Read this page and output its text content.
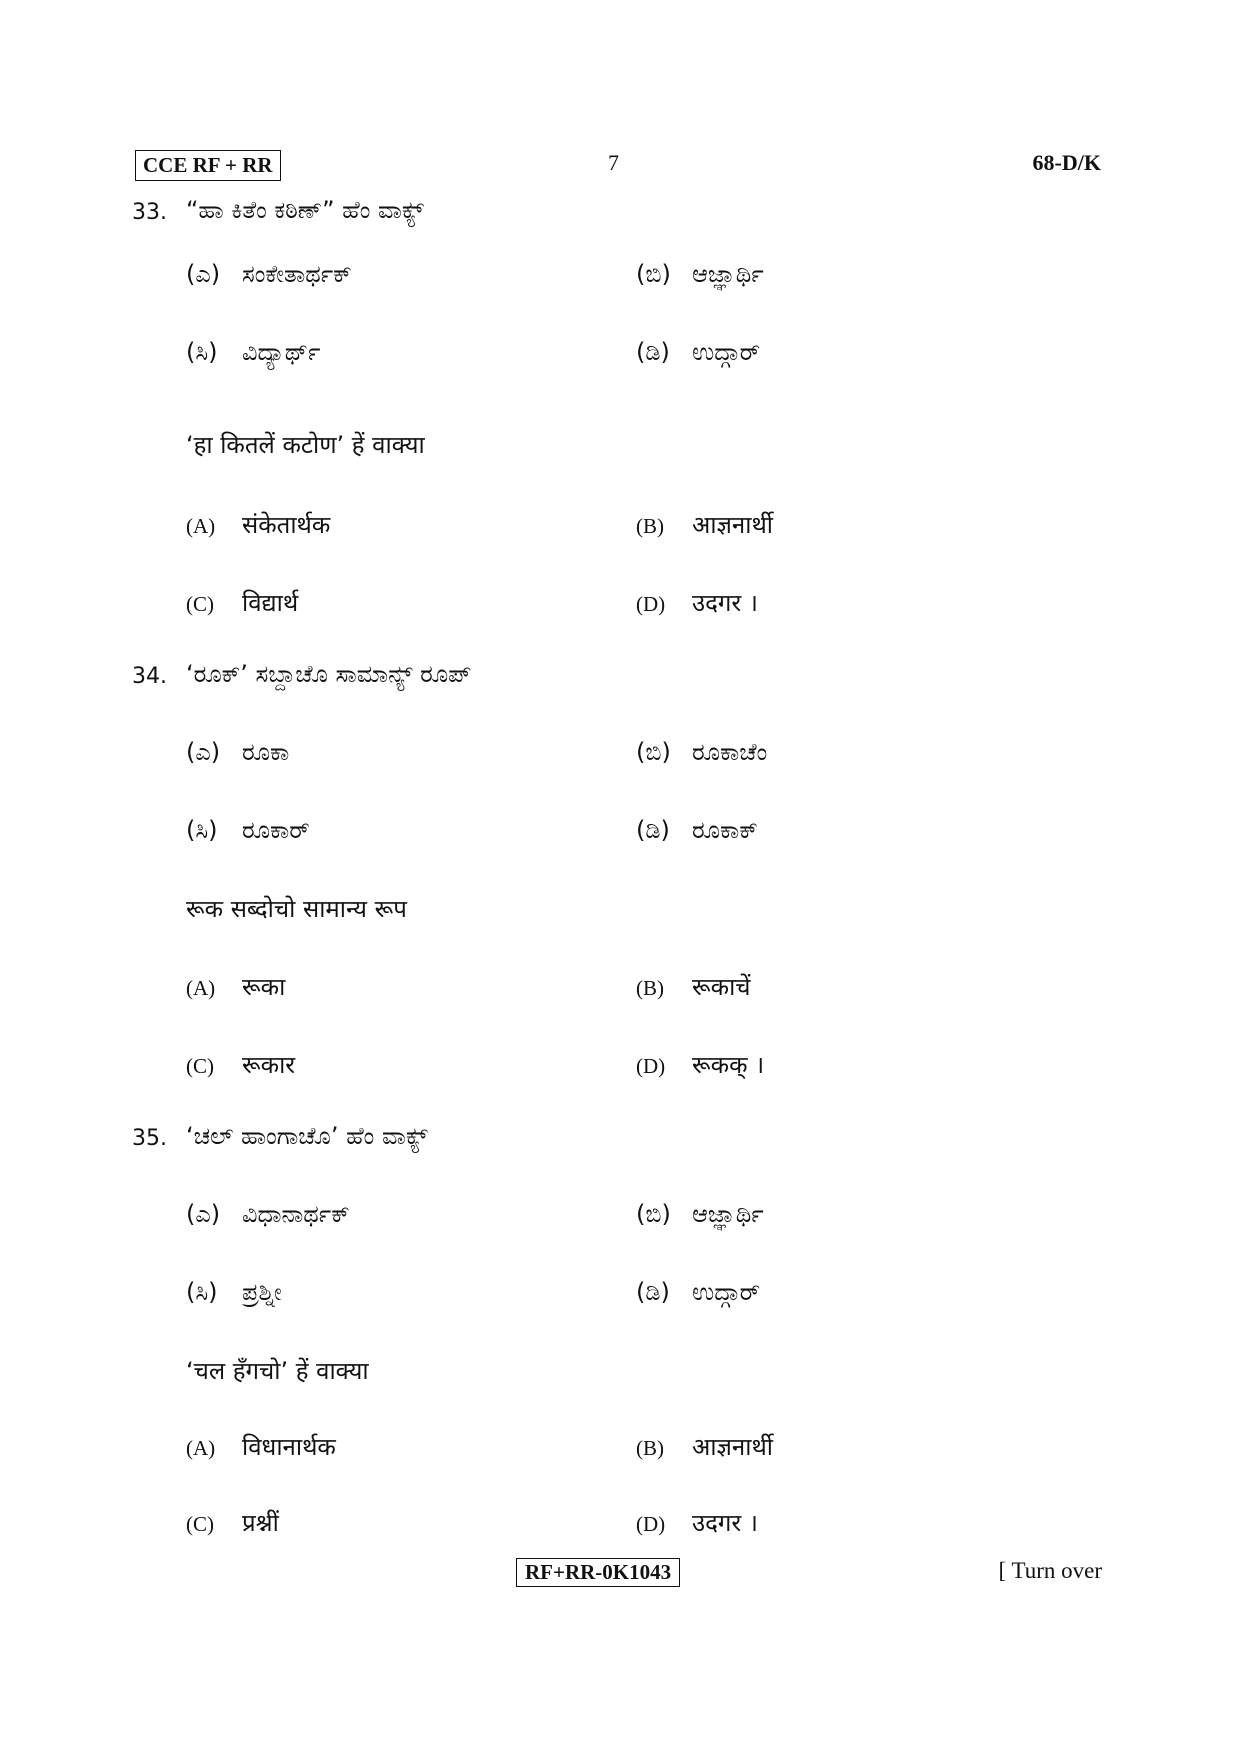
CCE RF + RR	7	68-D/K
33. “ಹಾ ಕಿತೆಂ ಕಠಿಣ್” ಹೆಂ ವಾಕ್ಯ್
(ಎ) ಸಂಕೇತಾರ್ಥಕ್	(ಬಿ) ಆಜ್ಞಾರ್ಥಿ
(ಸಿ) ವಿದ್ಯಾರ್ಥ್	(ಡಿ) ಉದ್ಗಾರ್
‘हा कितलें कटोण’ हें वाक्या
(A) संकेतार्थक	(B) आज्ञनार्थी
(C) विद्यार्थ	(D) उदगर ।
34. ‘ರೂಕ್’ ಸಬ್ದಾಚೊ ಸಾಮಾನ್ಯ್ ರೂಪ್
(ಎ) ರೂಕಾ	(ಬಿ) ರೂಕಾಚೆಂ
(ಸಿ) ರೂಕಾರ್	(ಡಿ) ರೂಕಾಕ್
रूक सब्दोचो सामान्य रूप
(A) रूका	(B) रूकाचें
(C) रूकार	(D) रूकक् ।
35. ‘ಚಲ್ ಹಾಂಗಾಚೊ’ ಹೆಂ ವಾಕ್ಯ್
(ಎ) ವಿಧಾನಾರ್ಥಕ್	(ಬಿ) ಆಜ್ಞಾರ್ಥಿ
(ಸಿ) ಪ್ರಶ್ನೀ	(ಡಿ) ಉದ್ಗಾರ್
‘चल हँगचो’ हें वाक्या
(A) विधानार्थक	(B) आज्ञनार्थी
(C) प्रश्नीं	(D) उदगर ।
RF+RR-0K1043	[ Turn over
